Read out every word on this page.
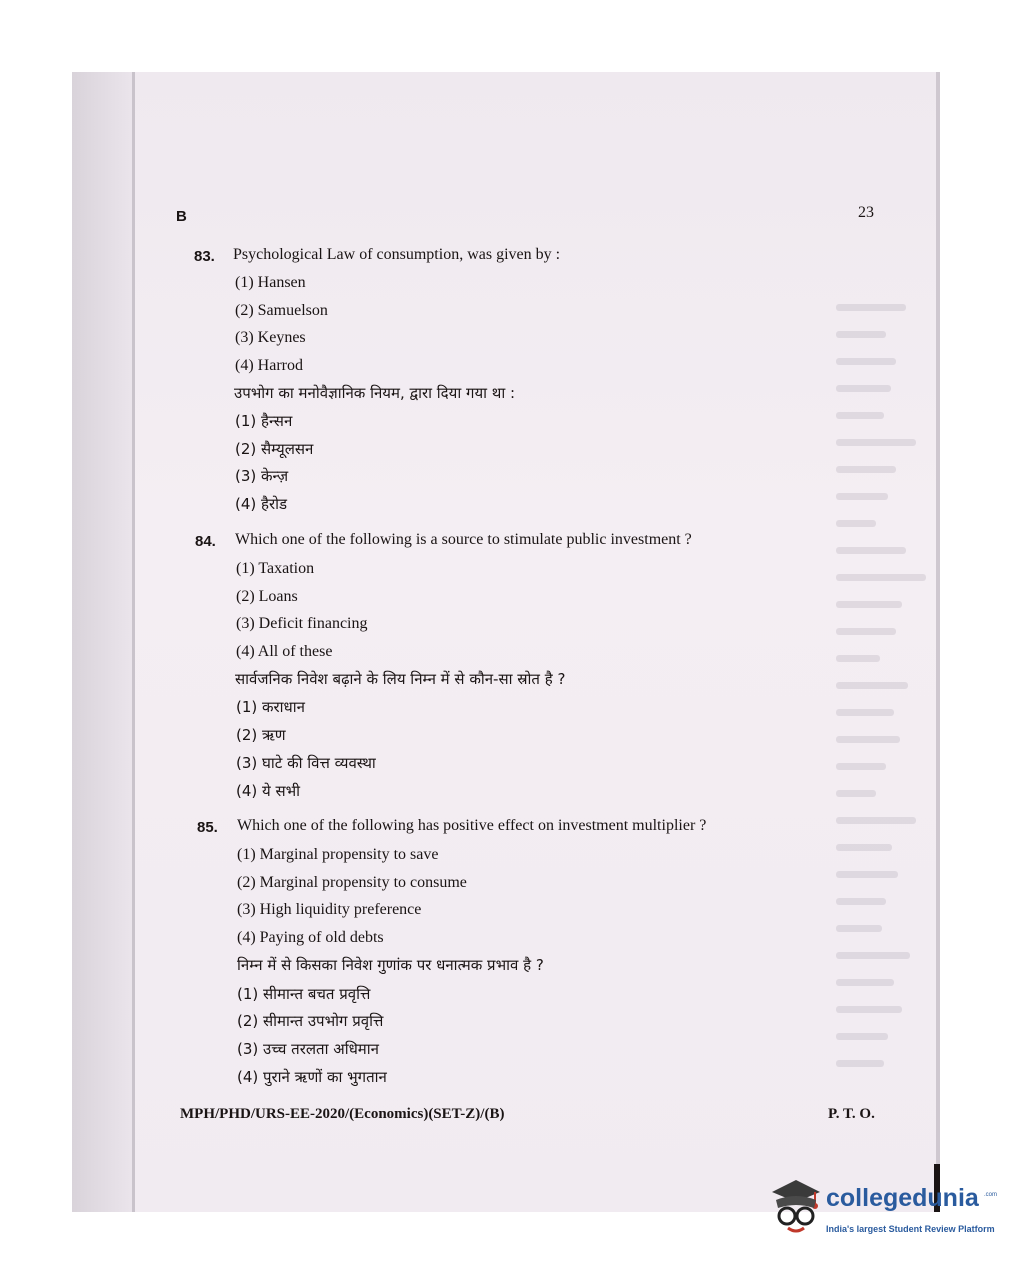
B	23
83. Psychological Law of consumption, was given by :
(1) Hansen
(2) Samuelson
(3) Keynes
(4) Harrod
उपभोग का मनोवैज्ञानिक नियम, द्वारा दिया गया था :
(1) हैन्सन
(2) सैम्यूलसन
(3) केन्ज़
(4) हैरोड
84. Which one of the following is a source to stimulate public investment ?
(1) Taxation
(2) Loans
(3) Deficit financing
(4) All of these
सार्वजनिक निवेश बढ़ाने के लिय निम्न में से कौन-सा स्रोत है ?
(1) कराधान
(2) ऋण
(3) घाटे की वित्त व्यवस्था
(4) ये सभी
85. Which one of the following has positive effect on investment multiplier ?
(1) Marginal propensity to save
(2) Marginal propensity to consume
(3) High liquidity preference
(4) Paying of old debts
निम्न में से किसका निवेश गुणांक पर धनात्मक प्रभाव है ?
(1) सीमान्त बचत प्रवृत्ति
(2) सीमान्त उपभोग प्रवृत्ति
(3) उच्च तरलता अधिमान
(4) पुराने ऋणों का भुगतान
MPH/PHD/URS-EE-2020/(Economics)(SET-Z)/(B)	P. T. O.
collegedunia .com
India's largest Student Review Platform
